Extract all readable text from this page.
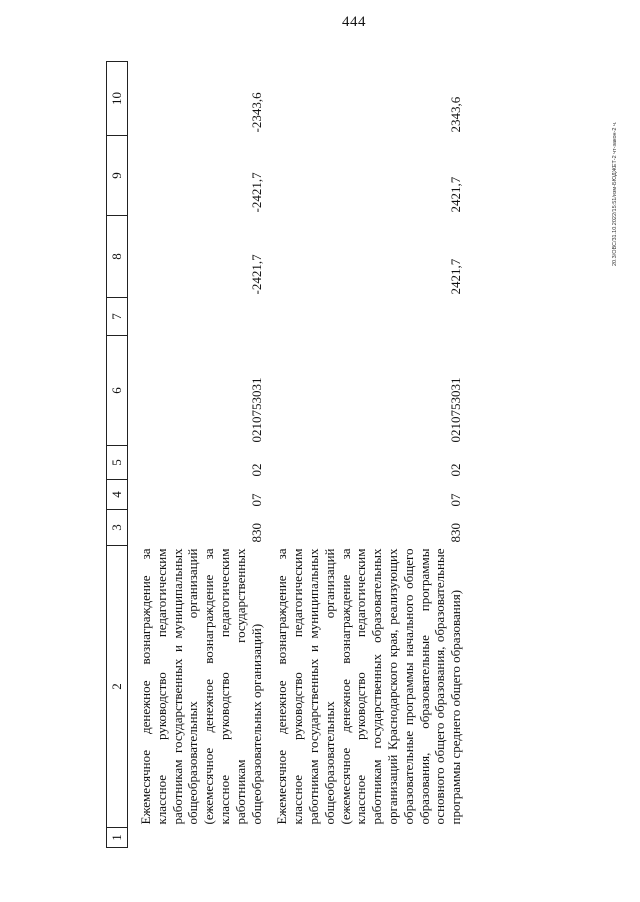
444
20.3/ОВС/31.10.2022/15:51/изм-БЮДЖЕТ-2 чт-закон-2 ч.
1	2	3	4	5	6	7	8	9	10

	Ежемесячное денежное вознаграждение за классное руководство педагогическим работникам государственных и муниципальных общеобразовательных организаций (ежемесячное денежное вознаграждение за классное руководство педагогическим работникам государственных общеобразовательных организаций)	830	07	02	0210753031		-2421,7	-2421,7	-2343,6

	Ежемесячное денежное вознаграждение за классное руководство педагогическим работникам государственных и муниципальных общеобразовательных организаций (ежемесячное денежное вознаграждение за классное руководство педагогическим работникам государственных образовательных организаций Краснодарского края, реализующих образовательные программы начального общего образования, образовательные программы основного общего образования, образовательные программы среднего общего образования)	830	07	02	0210753031		2421,7	2421,7	2343,6
